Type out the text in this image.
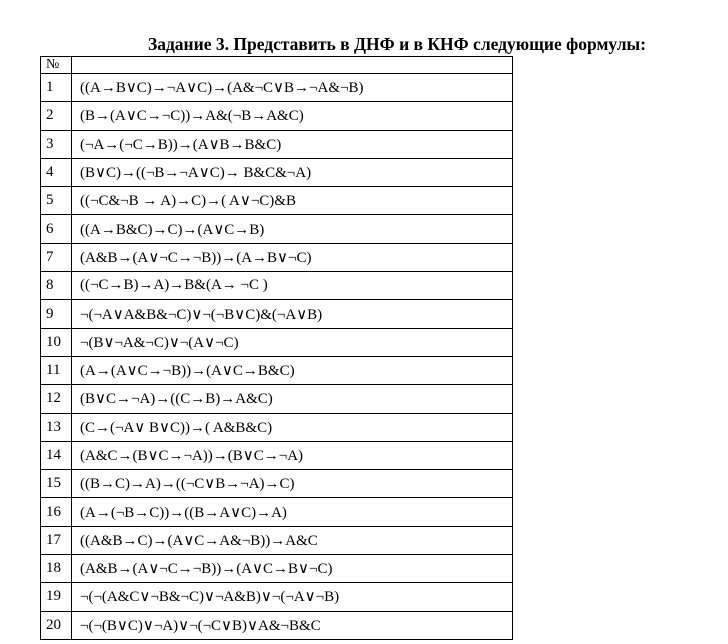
Задание 3. Представить в ДНФ и в КНФ следующие формулы:
№	
1	((A→B∨C)→¬A∨C)→(A&¬C∨B→¬A&¬B)
2	(B→(A∨C→¬C))→A&(¬B→A&C)
3	(¬A→(¬C→B))→(A∨B→B&C)
4	(B∨C)→((¬B→¬A∨C)→ B&C&¬A)
5	((¬C&¬B → A)→C)→( A∨¬C)&B
6	((A→B&C)→C)→(A∨C→B)
7	(A&B→(A∨¬C→¬B))→(A→B∨¬C)
8	((¬C→B)→A)→B&(A→ ¬C )
9	¬(¬A∨A&B&¬C)∨¬(¬B∨C)&(¬A∨B)
10	¬(B∨¬A&¬C)∨¬(A∨¬C)
11	(A→(A∨C→¬B))→(A∨C→B&C)
12	(B∨C→¬A)→((C→B)→A&C)
13	(C→(¬A∨ B∨C))→( A&B&C)
14	(A&C→(B∨C→¬A))→(B∨C→¬A)
15	((B→C)→A)→((¬C∨B→¬A)→C)
16	(A→(¬B→C))→((B→A∨C)→A)
17	((A&B→C)→(A∨C→A&¬B))→A&C
18	(A&B→(A∨¬C→¬B))→(A∨C→B∨¬C)
19	¬(¬(A&C∨¬B&¬C)∨¬A&B)∨¬(¬A∨¬B)
20	¬(¬(B∨C)∨¬A)∨¬(¬C∨B)∨A&¬B&C
